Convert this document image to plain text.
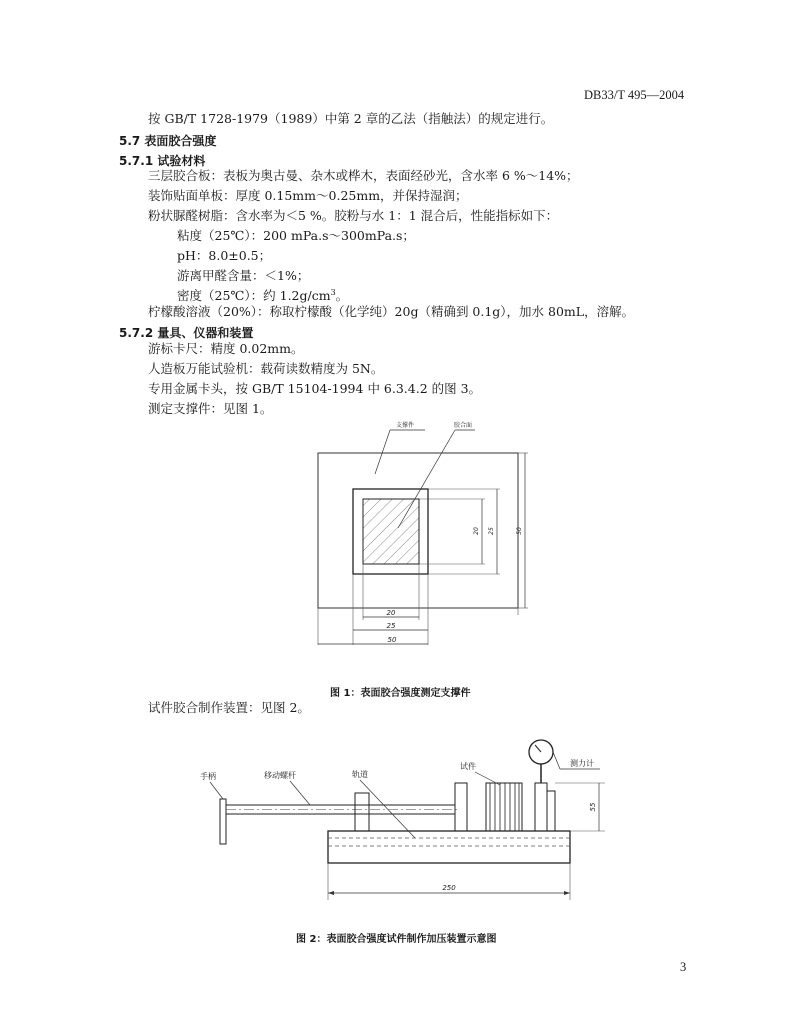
DB33/T 495—2004
按 GB/T 1728-1979（1989）中第 2 章的乙法（指触法）的规定进行。
5.7 表面胶合强度
5.7.1 试验材料
三层胶合板：表板为奥古曼、杂木或桦木，表面经砂光，含水率 6 %～14%；
装饰贴面单板：厚度 0.15mm～0.25mm，并保持湿润；
粉状脲醛树脂：含水率为＜5 %。胶粉与水 1：1 混合后，性能指标如下：
粘度（25℃）：200 mPa.s～300mPa.s；
pH：8.0±0.5；
游离甲醛含量：＜1%；
密度（25℃）：约 $1.2g/cm^3$。
柠檬酸溶液（20%）：称取柠檬酸（化学纯）20g（精确到 0.1g），加水 80mL，溶解。
5.7.2 量具、仪器和装置
游标卡尺：精度 0.02mm。
人造板万能试验机：载荷读数精度为 5N。
专用金属卡头，按 GB/T 15104-1994 中 6.3.4.2 的图 3。
测定支撑件：见图 1。
支撑件	胶合面
20
25
50
20 25	50
图 1：表面胶合强度测定支撑件
试件胶合制作装置：见图 2。
手柄	移动螺杆	轨道
试件	测力计
55
250
图 2：表面胶合强度试件制作加压装置示意图
3
